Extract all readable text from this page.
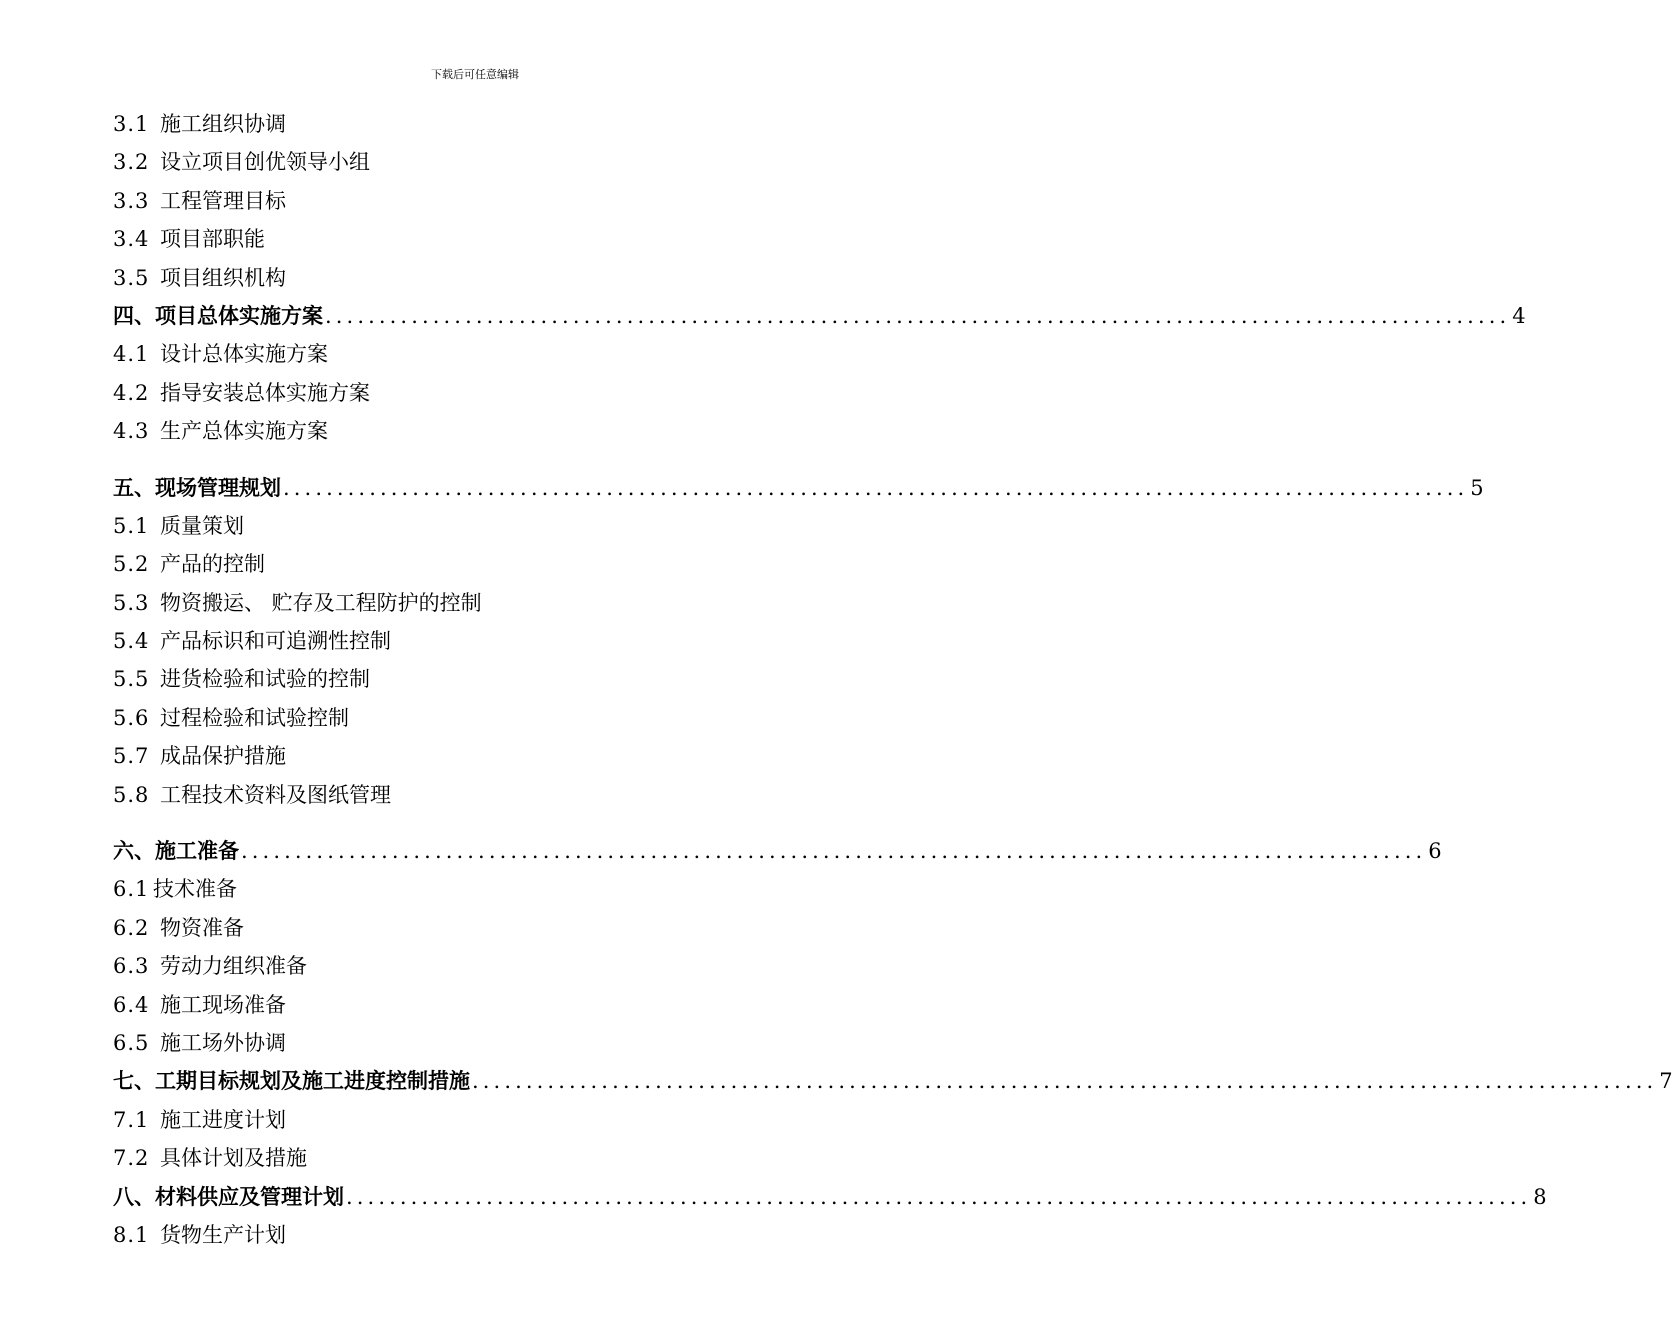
下载后可任意编辑
3.1 施工组织协调
3.2 设立项目创优领导小组
3.3 工程管理目标
3.4 项目部职能
3.5 项目组织机构
四、 项目总体实施方案 .............................................................................................................. 4
4.1 设计总体实施方案
4.2 指导安装总体实施方案
4.3 生产总体实施方案
五、 现场管理规划 .............................................................................................................. 5
5.1 质量策划
5.2 产品的控制
5.3 物资搬运、 贮存及工程防护的控制
5.4 产品标识和可追溯性控制
5.5 进货检验和试验的控制
5.6 过程检验和试验控制
5.7 成品保护措施
5.8 工程技术资料及图纸管理
六、 施工准备 .............................................................................................................. 6
6.1 技术准备
6.2 物资准备
6.3 劳动力组织准备
6.4 施工现场准备
6.5 施工场外协调
七、 工期目标规划及施工进度控制措施 .............................................................................................................. 7
7.1 施工进度计划
7.2 具体计划及措施
八、 材料供应及管理计划 .............................................................................................................. 8
8.1 货物生产计划
